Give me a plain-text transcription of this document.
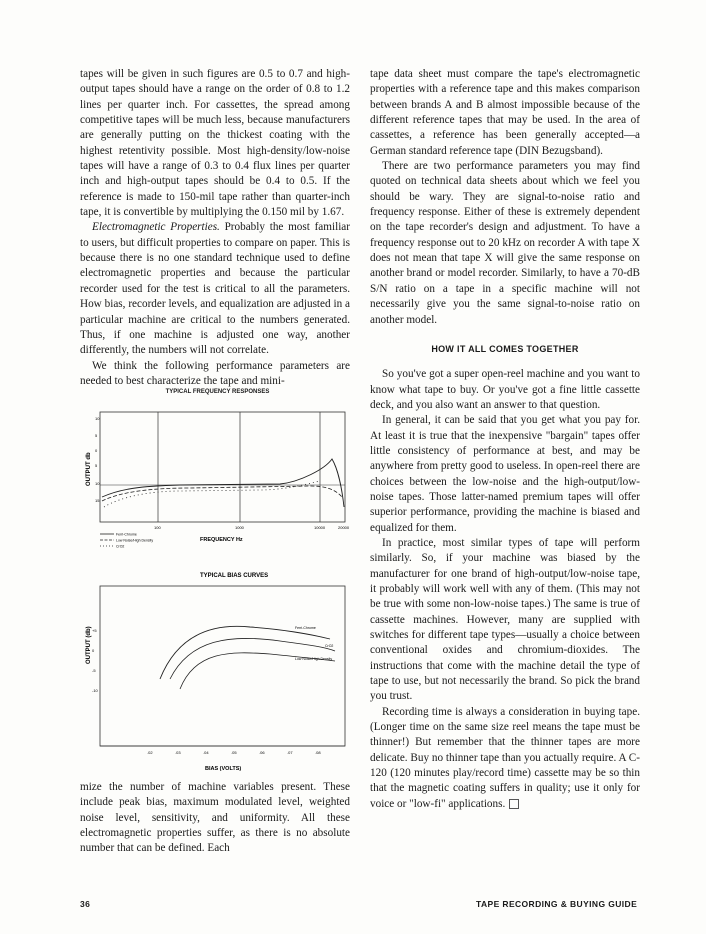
tapes will be given in such figures are 0.5 to 0.7 and high-output tapes should have a range on the order of 0.8 to 1.2 lines per quarter inch. For cassettes, the spread among competitive tapes will be much less, because manufacturers are generally putting on the thickest coating with the highest retentivity possible. Most high-density/low-noise tapes will have a range of 0.3 to 0.4 flux lines per quarter inch and high-output tapes should be 0.4 to 0.5. If the reference is made to 150-mil tape rather than quarter-inch tape, it is convertible by multiplying the 0.150 mil by 1.67.

Electromagnetic Properties. Probably the most familiar to users, but difficult properties to compare on paper. This is because there is no one standard technique used to define electromagnetic properties and because the particular recorder used for the test is critical to all the parameters. How bias, recorder levels, and equalization are adjusted in a particular machine are critical to the numbers generated. Thus, if one machine is adjusted one way, another differently, the numbers will not correlate.

We think the following performance parameters are needed to best characterize the tape and mini-

TYPICAL FREQUENCY RESPONSES
10
5
0
5
10
15
100	1000	10000	20000
OUTPUT db
FREQUENCY Hz
Ferri-Chrome
Low Noise/High Density
CrO2
TYPICAL BIAS CURVES
+5
0
-5
-10
OUTPUT (db)	Ferri-Chrome
CrO2
Low Noise/High Density
.02	.03	.04	.05	.06	.07	.08
BIAS (VOLTS)

mize the number of machine variables present. These include peak bias, maximum modulated level, weighted noise level, sensitivity, and uniformity. All these electromagnetic properties suffer, as there is no absolute number that can be defined. Each

tape data sheet must compare the tape's electromagnetic properties with a reference tape and this makes comparison between brands A and B almost impossible because of the different reference tapes that may be used. In the area of cassettes, a reference has been generally accepted—a German standard reference tape (DIN Bezugsband).

There are two performance parameters you may find quoted on technical data sheets about which we feel you should be wary. They are signal-to-noise ratio and frequency response. Either of these is extremely dependent on the tape recorder's design and adjustment. To have a frequency response out to 20 kHz on recorder A with tape X does not mean that tape X will give the same response on another brand or model recorder. Similarly, to have a 70-dB S/N ratio on a tape in a specific machine will not necessarily give you the same signal-to-noise ratio on another model.

HOW IT ALL COMES TOGETHER

So you've got a super open-reel machine and you want to know what tape to buy. Or you've got a fine little cassette deck, and you also want an answer to that question.

In general, it can be said that you get what you pay for. At least it is true that the inexpensive "bargain" tapes offer little consistency of performance at best, and may be anywhere from pretty good to useless. In open-reel there are choices between the low-noise and the high-output/low-noise tapes. Those latter-named premium tapes will offer superior performance, providing the machine is biased and equalized for them.

In practice, most similar types of tape will perform similarly. So, if your machine was biased by the manufacturer for one brand of high-output/low-noise tape, it probably will work well with any of them. (This may not be true with some non-low-noise tapes.) The same is true of cassette machines. However, many are supplied with switches for different tape types—usually a choice between conventional oxides and chromium-dioxides. The instructions that come with the machine detail the type of tape to use, but not necessarily the brand. So pick the brand you trust.

Recording time is always a consideration in buying tape. (Longer time on the same size reel means the tape must be thinner!) But remember that the thinner tapes are more delicate. Buy no thinner tape than you actually require. A C-120 (120 minutes play/record time) cassette may be so thin that the magnetic coating suffers in quality; use it only for voice or "low-fi" applications.

36	TAPE RECORDING & BUYING GUIDE
